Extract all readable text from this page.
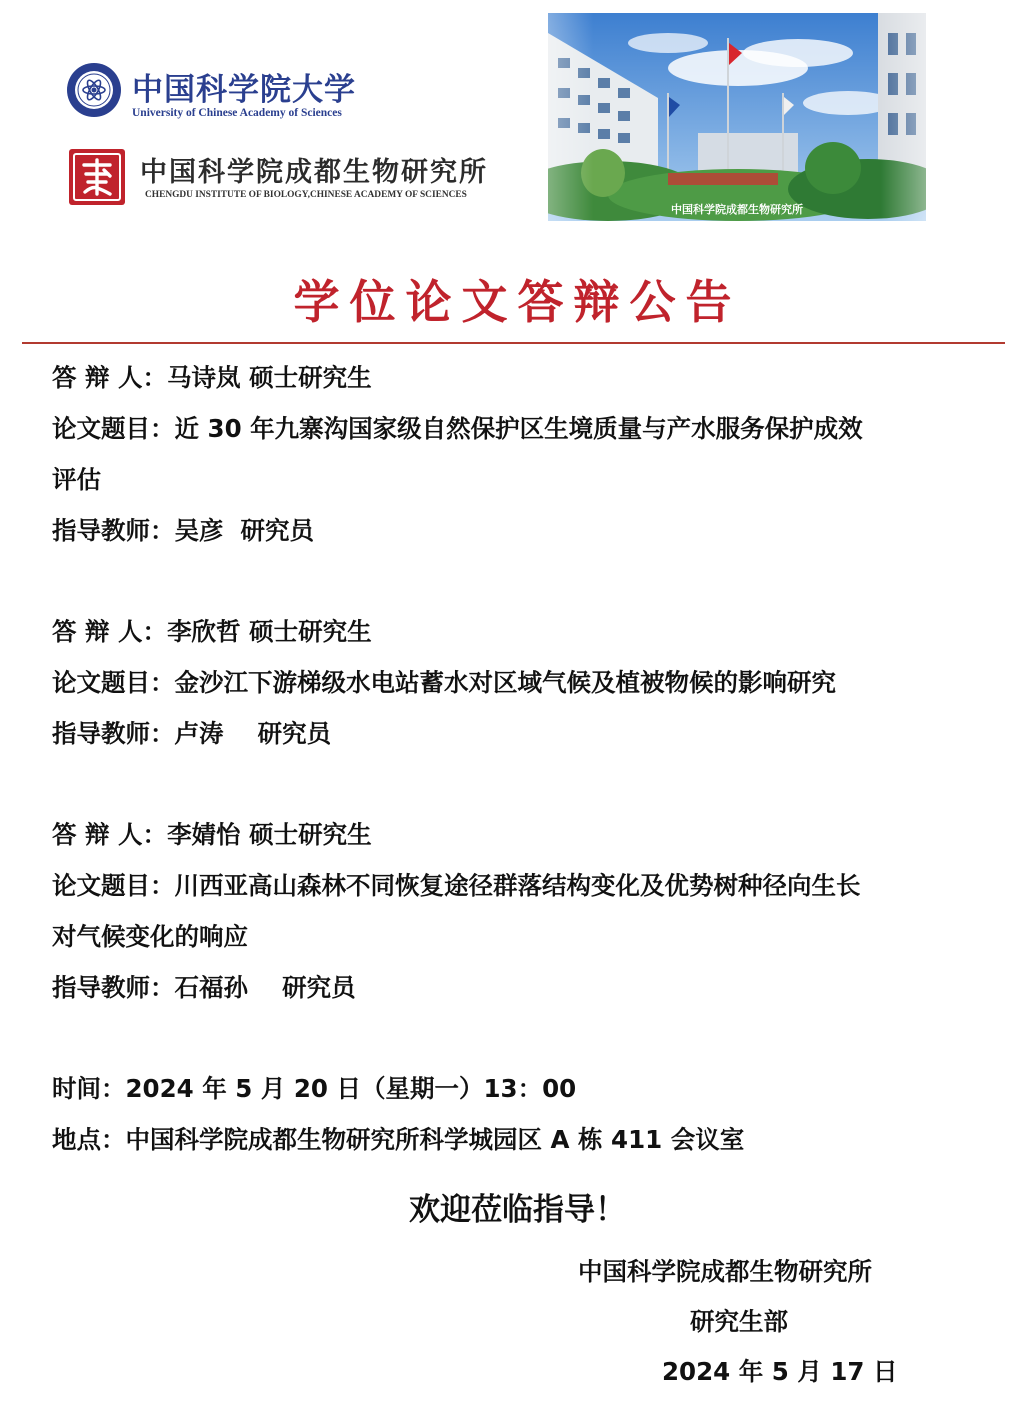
中国科学院大学
University of Chinese Academy of Sciences
中国科学院成都生物研究所
CHENGDU INSTITUTE OF BIOLOGY,CHINESE ACADEMY OF SCIENCES
学位论文答辩公告
答 辩 人：马诗岚 硕士研究生
论文题目：近 30 年九寨沟国家级自然保护区生境质量与产水服务保护成效
评估
指导教师：吴彦  研究员
答 辩 人：李欣哲 硕士研究生
论文题目：金沙江下游梯级水电站蓄水对区域气候及植被物候的影响研究
指导教师：卢涛    研究员
答 辩 人：李婧怡 硕士研究生
论文题目：川西亚高山森林不同恢复途径群落结构变化及优势树种径向生长
对气候变化的响应
指导教师：石福孙    研究员
时间：2024 年 5 月 20 日（星期一）13：00
地点：中国科学院成都生物研究所科学城园区 A 栋 411 会议室
欢迎莅临指导！
中国科学院成都生物研究所
研究生部
2024 年 5 月 17 日
